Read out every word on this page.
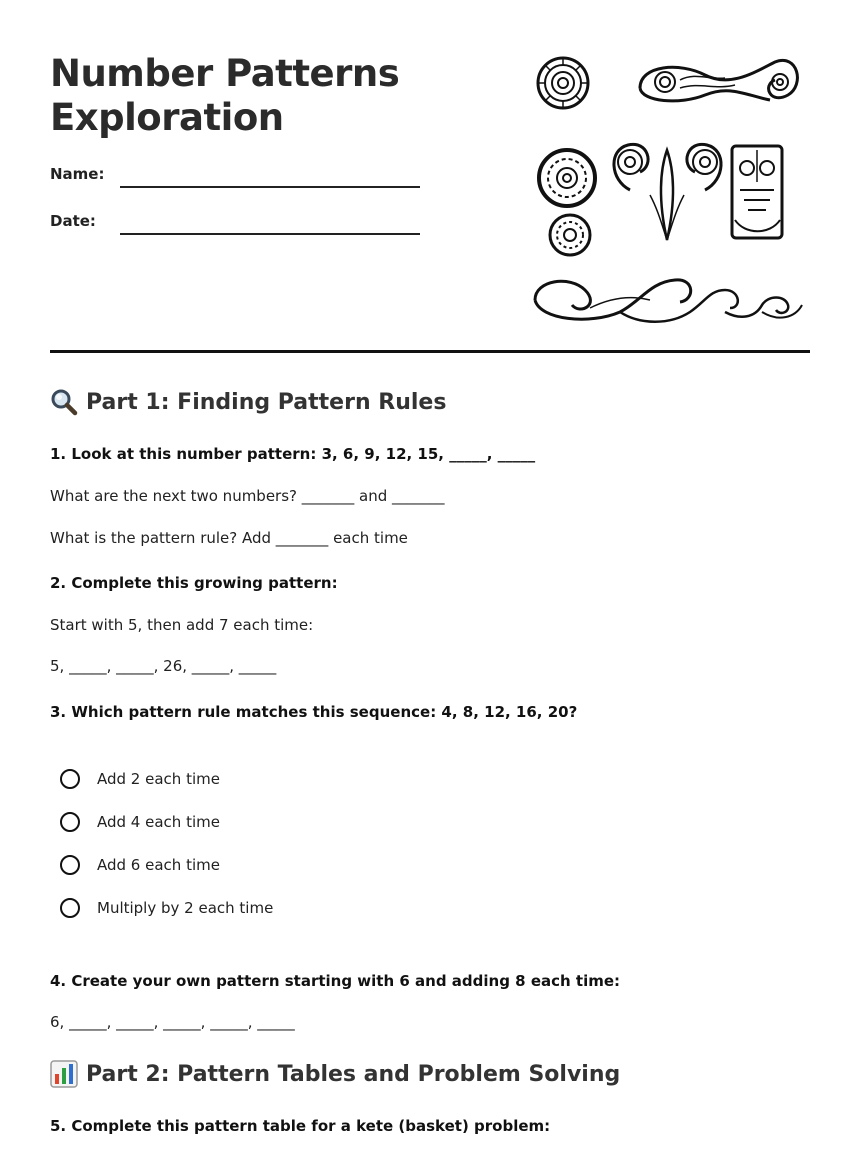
Number Patterns
Exploration
Name:
Date:
Part 1: Finding Pattern Rules
1. Look at this number pattern: 3, 6, 9, 12, 15, _____, _____
What are the next two numbers? _______ and _______
What is the pattern rule? Add _______ each time
2. Complete this growing pattern:
Start with 5, then add 7 each time:
5, _____, _____, 26, _____, _____
3. Which pattern rule matches this sequence: 4, 8, 12, 16, 20?
Add 2 each time
Add 4 each time
Add 6 each time
Multiply by 2 each time
4. Create your own pattern starting with 6 and adding 8 each time:
6, _____, _____, _____, _____, _____
Part 2: Pattern Tables and Problem Solving
5. Complete this pattern table for a kete (basket) problem:
